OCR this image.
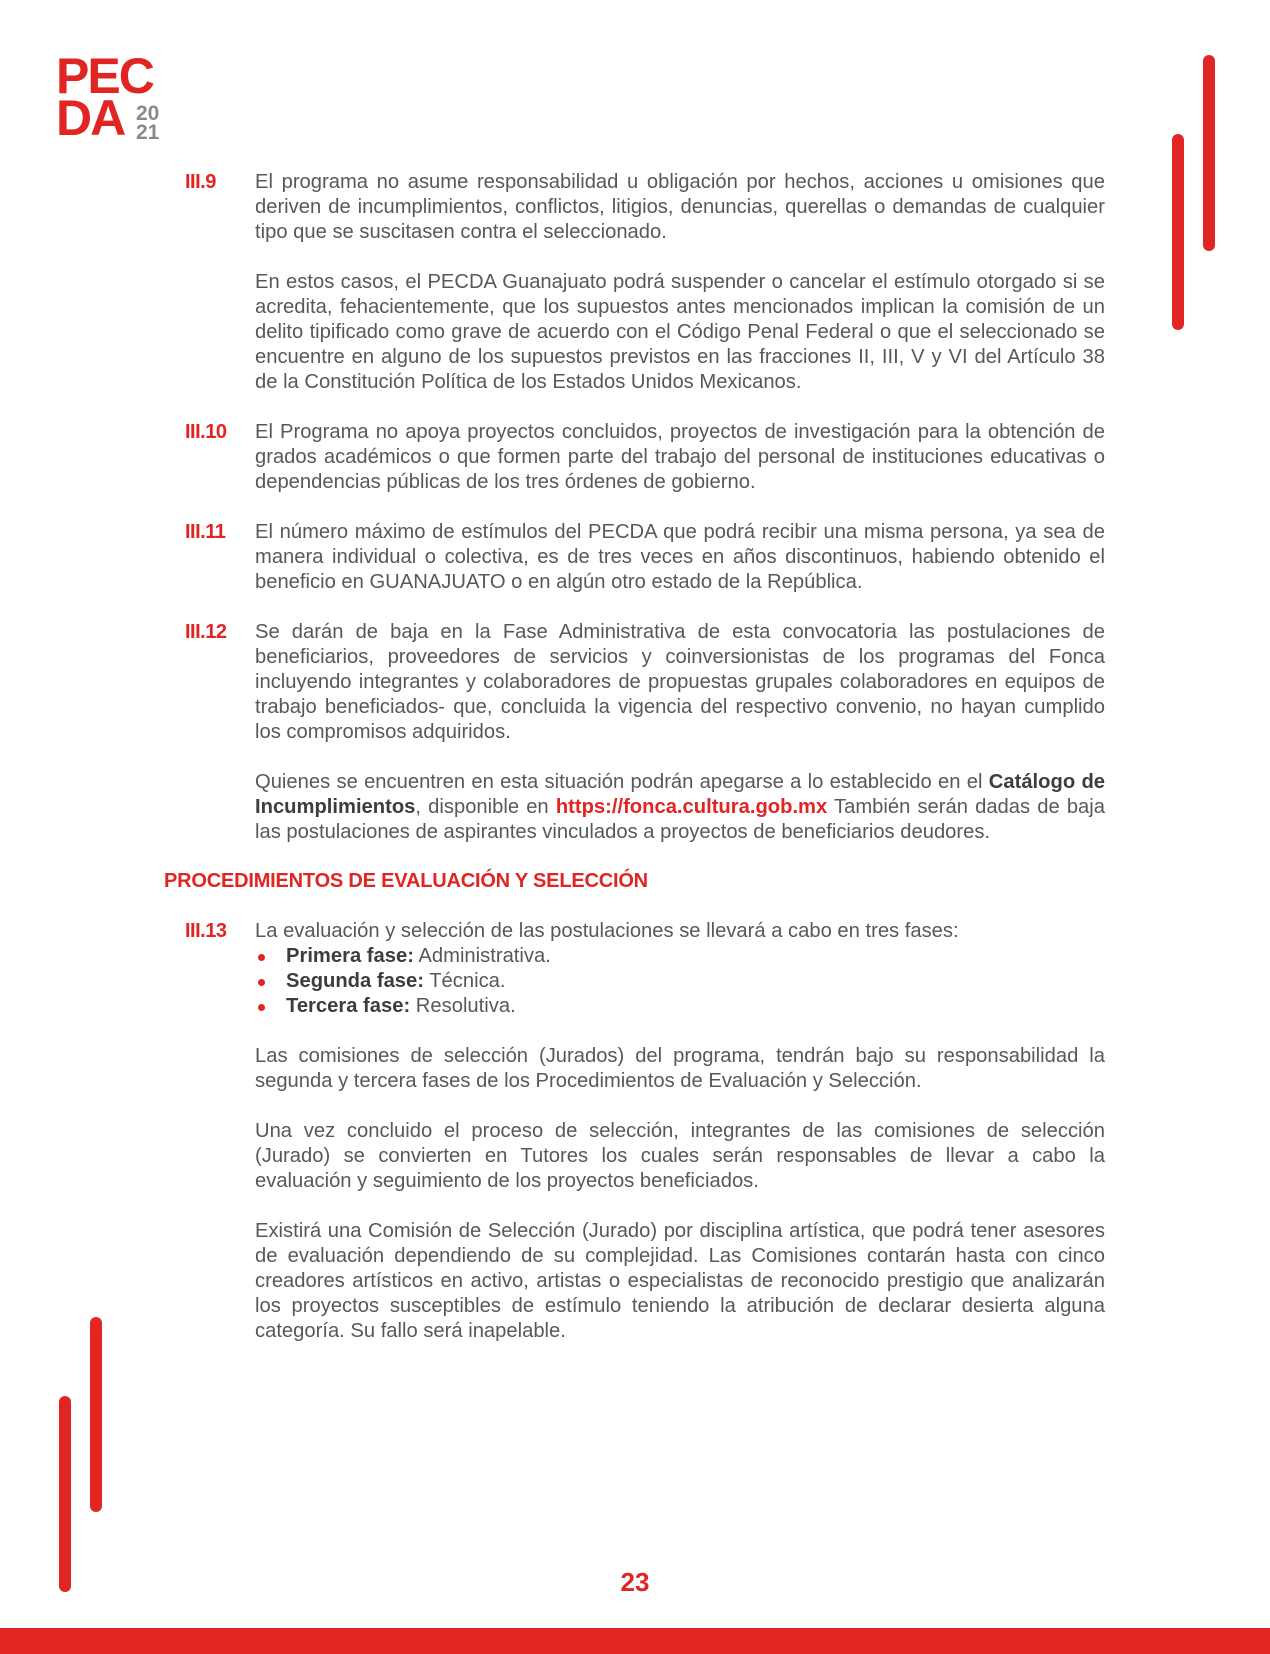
PEC
DA 20
21
III.9 El programa no asume responsabilidad u obligación por hechos, acciones u omisiones que deriven de incumplimientos, conflictos, litigios, denuncias, querellas o demandas de cualquier tipo que se suscitasen contra el seleccionado.

En estos casos, el PECDA Guanajuato podrá suspender o cancelar el estímulo otorgado si se acredita, fehacientemente, que los supuestos antes mencionados implican la comisión de un delito tipificado como grave de acuerdo con el Código Penal Federal o que el seleccionado se encuentre en alguno de los supuestos previstos en las fracciones II, III, V y VI del Artículo 38 de la Constitución Política de los Estados Unidos Mexicanos.

III.10 El Programa no apoya proyectos concluidos, proyectos de investigación para la obtención de grados académicos o que formen parte del trabajo del personal de instituciones educativas o dependencias públicas de los tres órdenes de gobierno.

III.11 El número máximo de estímulos del PECDA que podrá recibir una misma persona, ya sea de manera individual o colectiva, es de tres veces en años discontinuos, habiendo obtenido el beneficio en GUANAJUATO o en algún otro estado de la República.

III.12 Se darán de baja en la Fase Administrativa de esta convocatoria las postulaciones de beneficiarios, proveedores de servicios y coinversionistas de los programas del Fonca incluyendo integrantes y colaboradores de propuestas grupales colaboradores en equipos de trabajo beneficiados- que, concluida la vigencia del respectivo convenio, no hayan cumplido los compromisos adquiridos.

Quienes se encuentren en esta situación podrán apegarse a lo establecido en el Catálogo de Incumplimientos, disponible en https://fonca.cultura.gob.mx También serán dadas de baja las postulaciones de aspirantes vinculados a proyectos de beneficiarios deudores.

PROCEDIMIENTOS DE EVALUACIÓN Y SELECCIÓN
III.13 La evaluación y selección de las postulaciones se llevará a cabo en tres fases:

Primera fase: Administrativa.
Segunda fase: Técnica.
Tercera fase: Resolutiva.

Las comisiones de selección (Jurados) del programa, tendrán bajo su responsabilidad la segunda y tercera fases de los Procedimientos de Evaluación y Selección.

Una vez concluido el proceso de selección, integrantes de las comisiones de selección (Jurado) se convierten en Tutores los cuales serán responsables de llevar a cabo la evaluación y seguimiento de los proyectos beneficiados.

Existirá una Comisión de Selección (Jurado) por disciplina artística, que podrá tener asesores de evaluación dependiendo de su complejidad. Las Comisiones contarán hasta con cinco creadores artísticos en activo, artistas o especialistas de reconocido prestigio que analizarán los proyectos susceptibles de estímulo teniendo la atribución de declarar desierta alguna categoría. Su fallo será inapelable.

23
